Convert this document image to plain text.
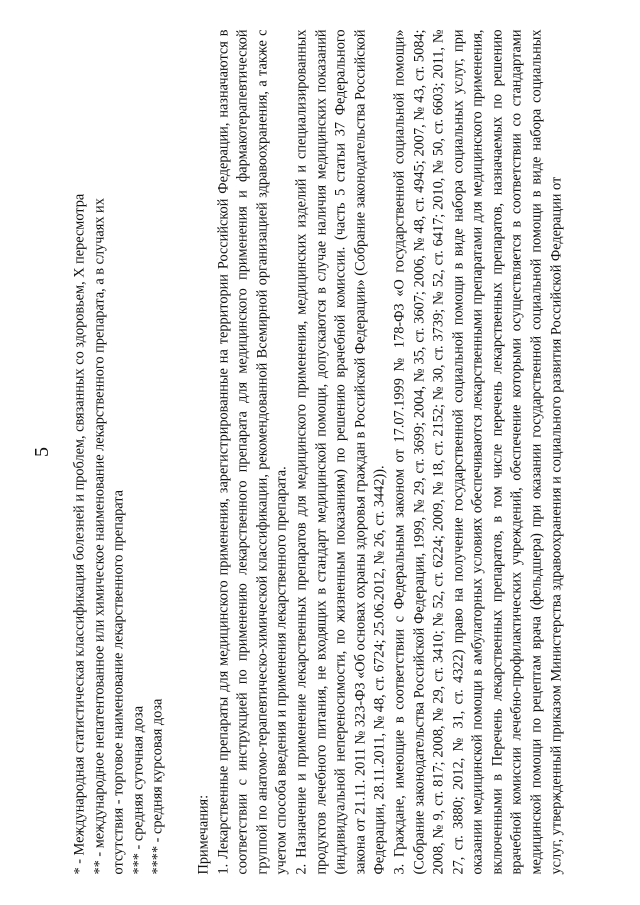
5	* - Международная статистическая классификация болезней и проблем, связанных со здоровьем, X пересмотра ** - международное непатентованное или химическое наименование лекарственного препарата, а в случаях их отсутствия - торговое наименование лекарственного препарата *** - средняя суточная доза **** - средняя курсовая доза Примечания: 1. Лекарственные препараты для медицинского применения, зарегистрированные на территории Российской Федерации, назначаются в соответствии с инструкцией по применению лекарственного препарата для медицинского применения и фармакотерапевтической группой по анатомо-терапевтическо-химической классификации, рекомендованной Всемирной организацией здравоохранения, а также с учетом способа введения и применения лекарственного препарата. 2. Назначение и применение лекарственных препаратов для медицинского применения, медицинских изделий и специализированных продуктов лечебного питания, не входящих в стандарт медицинской помощи, допускаются в случае наличия медицинских показаний (индивидуальной непереносимости, по жизненным показаниям) по решению врачебной комиссии. (часть 5 статьи 37 Федерального закона от 21.11. 2011 № 323-ФЗ «Об основах охраны здоровья граждан в Российской Федерации» (Собрание законодательства Российской Федерации, 28.11.2011, № 48, ст. 6724; 25.06.2012, № 26, ст. 3442)). 3. Граждане, имеющие в соответствии с Федеральным законом от 17.07.1999 № 178-ФЗ «О государственной социальной помощи» (Собрание законодательства Российской Федерации, 1999, № 29, ст. 3699; 2004, № 35, ст. 3607; 2006, № 48, ст. 4945; 2007, № 43, ст. 5084; 2008, № 9, ст. 817; 2008, № 29, ст. 3410; № 52, ст. 6224; 2009, № 18, ст. 2152; № 30, ст. 3739; № 52, ст. 6417; 2010, № 50, ст. 6603; 2011, № 27, ст. 3880; 2012, № 31, ст. 4322) право на получение государственной социальной помощи в виде набора социальных услуг, при оказании медицинской помощи в амбулаторных условиях обеспечиваются лекарственными препаратами для медицинского применения, включенными в Перечень лекарственных препаратов, в том числе перечень лекарственных препаратов, назначаемых по решению врачебной комиссии лечебно-профилактических учреждений, обеспечение которыми осуществляется в соответствии со стандартами медицинской помощи по рецептам врача (фельдшера) при оказании государственной социальной помощи в виде набора социальных услуг, утвержденный приказом Министерства здравоохранения и социального развития Российской Федерации от
